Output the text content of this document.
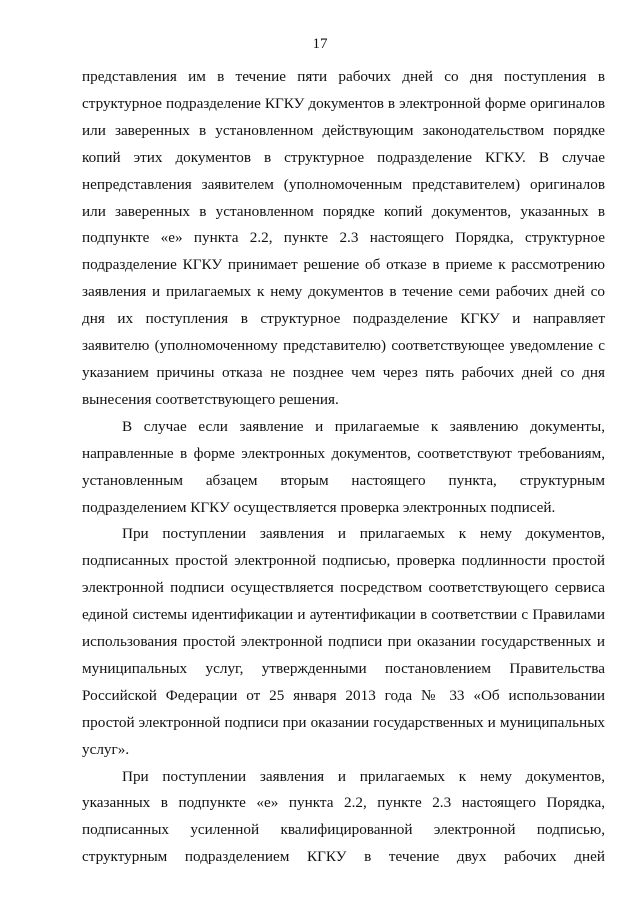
17

представления им в течение пяти рабочих дней со дня поступления в структурное подразделение КГКУ документов в электронной форме оригиналов или заверенных в установленном действующим законодательством порядке копий этих документов в структурное подразделение КГКУ. В случае непредставления заявителем (уполномоченным представителем) оригиналов или заверенных в установленном порядке копий документов, указанных в подпункте «е» пункта 2.2, пункте 2.3 настоящего Порядка, структурное подразделение КГКУ принимает решение об отказе в приеме к рассмотрению заявления и прилагаемых к нему документов в течение семи рабочих дней со дня их поступления в структурное подразделение КГКУ и направляет заявителю (уполномоченному представителю) соответствующее уведомление с указанием причины отказа не позднее чем через пять рабочих дней со дня вынесения соответствующего решения.

В случае если заявление и прилагаемые к заявлению документы, направленные в форме электронных документов, соответствуют требованиям, установленным абзацем вторым настоящего пункта, структурным подразделением КГКУ осуществляется проверка электронных подписей.

При поступлении заявления и прилагаемых к нему документов, подписанных простой электронной подписью, проверка подлинности простой электронной подписи осуществляется посредством соответствующего сервиса единой системы идентификации и аутентификации в соответствии с Правилами использования простой электронной подписи при оказании государственных и муниципальных услуг, утвержденными постановлением Правительства Российской Федерации от 25 января 2013 года № 33 «Об использовании простой электронной подписи при оказании государственных и муниципальных услуг».

При поступлении заявления и прилагаемых к нему документов, указанных в подпункте «е» пункта 2.2, пункте 2.3 настоящего Порядка, подписанных усиленной квалифицированной электронной подписью, структурным подразделением КГКУ в течение двух рабочих дней
